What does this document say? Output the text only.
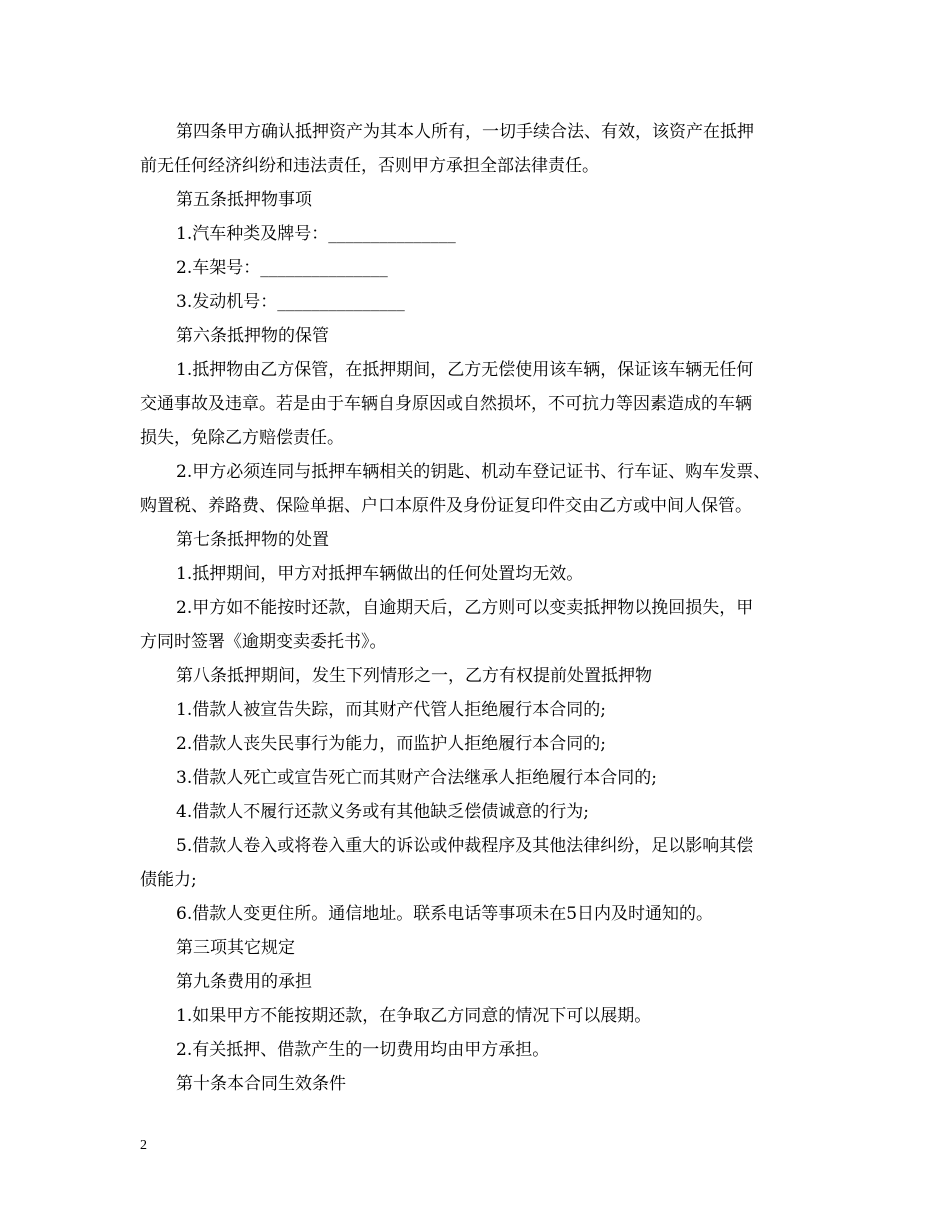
第四条甲方确认抵押资产为其本人所有，一切手续合法、有效，该资产在抵押
前无任何经济纠纷和违法责任，否则甲方承担全部法律责任。
第五条抵押物事项
1.汽车种类及牌号：_______________
2.车架号：_______________
3.发动机号：_______________
第六条抵押物的保管
1.抵押物由乙方保管，在抵押期间，乙方无偿使用该车辆，保证该车辆无任何
交通事故及违章。若是由于车辆自身原因或自然损坏，不可抗力等因素造成的车辆
损失，免除乙方赔偿责任。
2.甲方必须连同与抵押车辆相关的钥匙、机动车登记证书、行车证、购车发票、
购置税、养路费、保险单据、户口本原件及身份证复印件交由乙方或中间人保管。
第七条抵押物的处置
1.抵押期间，甲方对抵押车辆做出的任何处置均无效。
2.甲方如不能按时还款，自逾期天后，乙方则可以变卖抵押物以挽回损失，甲
方同时签署《逾期变卖委托书》。
第八条抵押期间，发生下列情形之一，乙方有权提前处置抵押物
1.借款人被宣告失踪，而其财产代管人拒绝履行本合同的;
2.借款人丧失民事行为能力，而监护人拒绝履行本合同的;
3.借款人死亡或宣告死亡而其财产合法继承人拒绝履行本合同的;
4.借款人不履行还款义务或有其他缺乏偿债诚意的行为;
5.借款人卷入或将卷入重大的诉讼或仲裁程序及其他法律纠纷，足以影响其偿
债能力;
6.借款人变更住所。通信地址。联系电话等事项未在5日内及时通知的。
第三项其它规定
第九条费用的承担
1.如果甲方不能按期还款，在争取乙方同意的情况下可以展期。
2.有关抵押、借款产生的一切费用均由甲方承担。
第十条本合同生效条件
2
